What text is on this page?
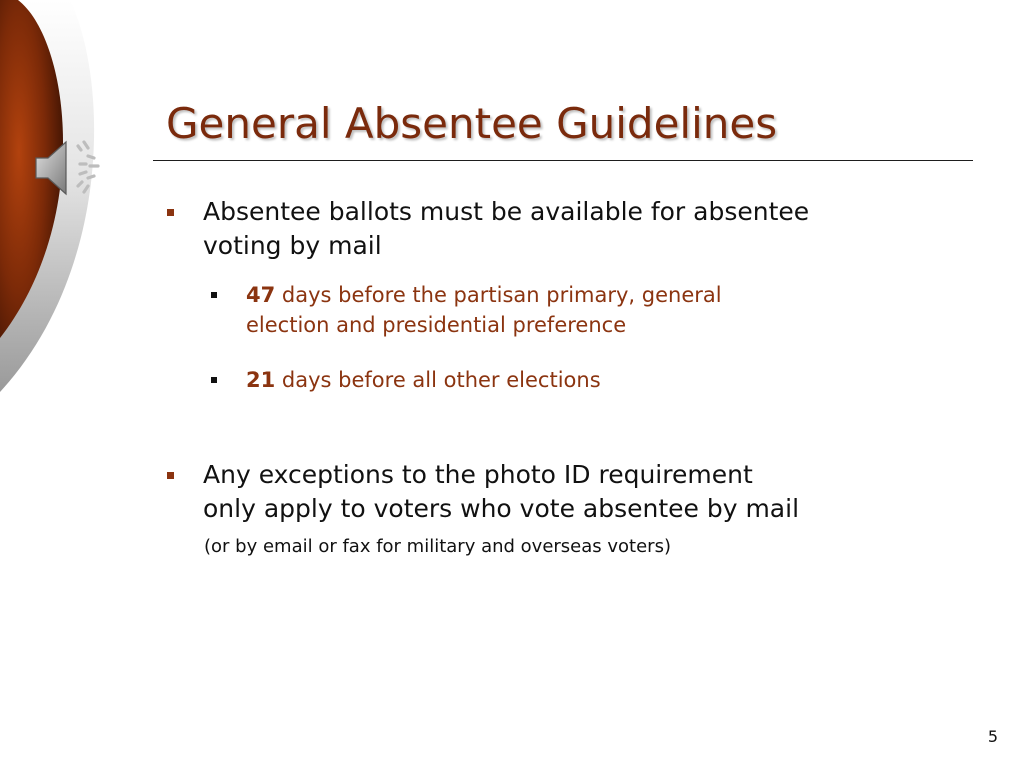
General Absentee Guidelines
Absentee ballots must be available for absentee
voting by mail
47 days before the partisan primary, general
election and presidential preference
21 days before all other elections
Any exceptions to the photo ID requirement
only apply to voters who vote absentee by mail
(or by email or fax for military and overseas voters)
5
